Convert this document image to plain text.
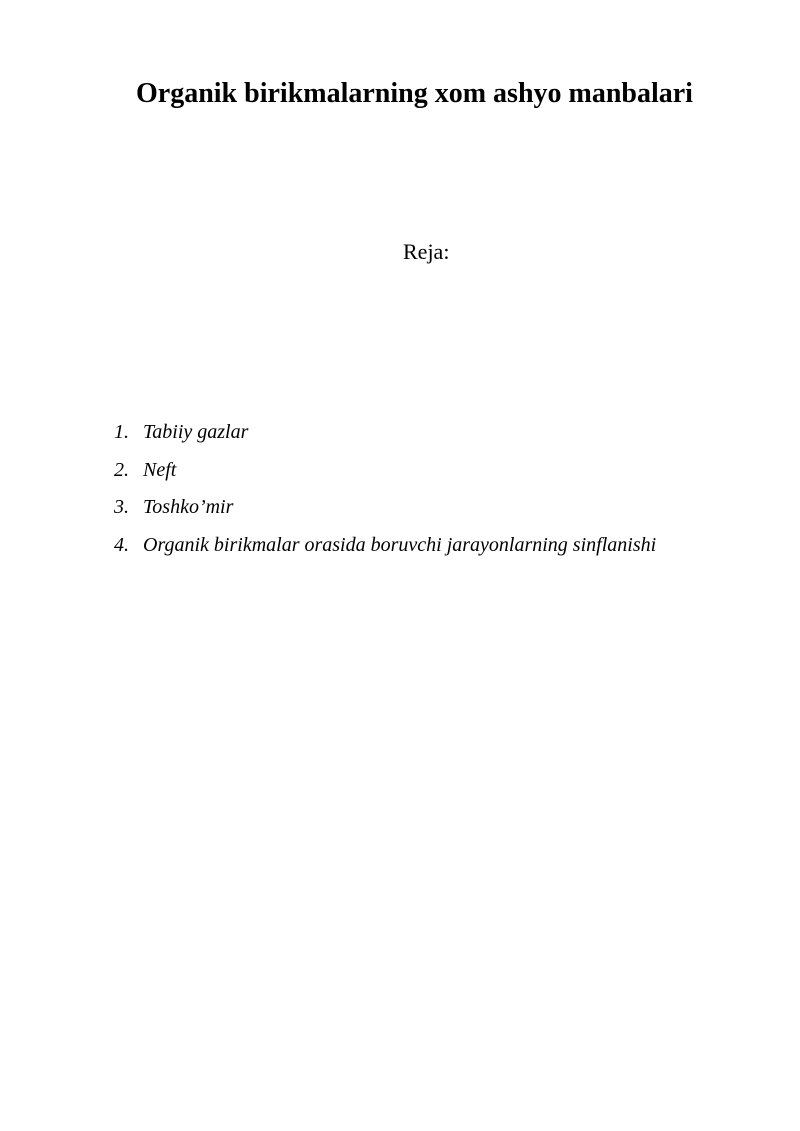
Organik birikmalarning xom ashyo manbalari
Reja:
1. Tabiiy gazlar
2. Neft
3. Toshko’mir
4. Organik birikmalar orasida boruvchi jarayonlarning sinflanishi
